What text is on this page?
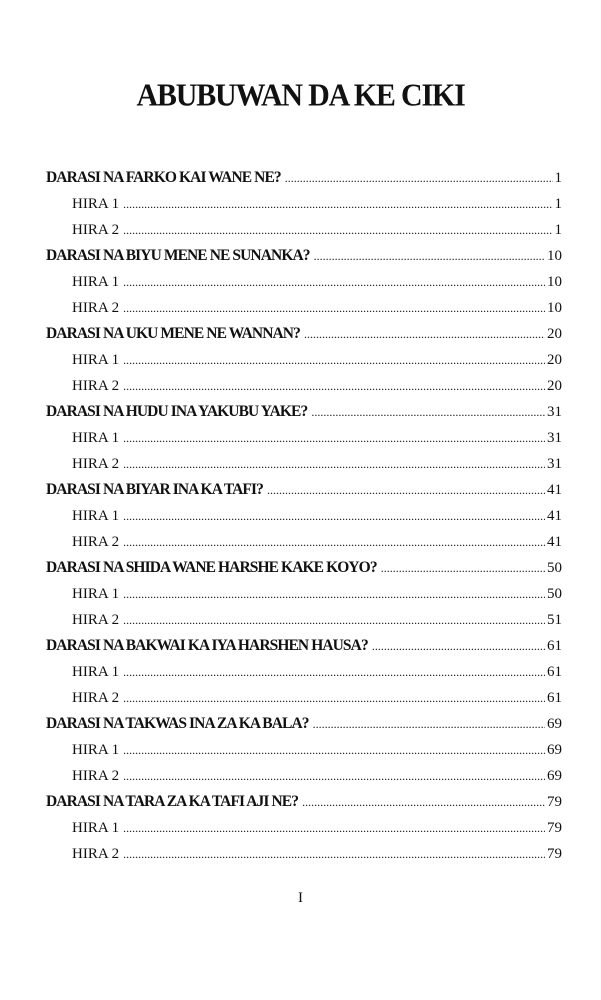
ABUBUWAN DA KE CIKI
DARASI NA FARKO KAI WANE NE? .....	1
HIRA 1 .....	1
HIRA 2 .....	1
DARASI NA BIYU MENE NE SUNANKA? .....	10
HIRA 1 .....	10
HIRA 2 .....	10
DARASI NA UKU MENE NE WANNAN? .....	20
HIRA 1 .....	20
HIRA 2 .....	20
DARASI NA HUDU INA YAKUBU YAKE? .....	31
HIRA 1 .....	31
HIRA 2 .....	31
DARASI NA BIYAR INA KA TAFI? .....	41
HIRA 1 .....	41
HIRA 2 .....	41
DARASI NA SHIDA WANE HARSHE KAKE KOYO? .....	50
HIRA 1 .....	50
HIRA 2 .....	51
DARASI NA BAKWAI KA IYA HARSHEN HAUSA? .....	61
HIRA 1 .....	61
HIRA 2 .....	61
DARASI NA TAKWAS INA ZA KA BALA? .....	69
HIRA 1 .....	69
HIRA 2 .....	69
DARASI NA TARA ZA KA TAFI AJI NE? .....	79
HIRA 1 .....	79
HIRA 2 .....	79
I
